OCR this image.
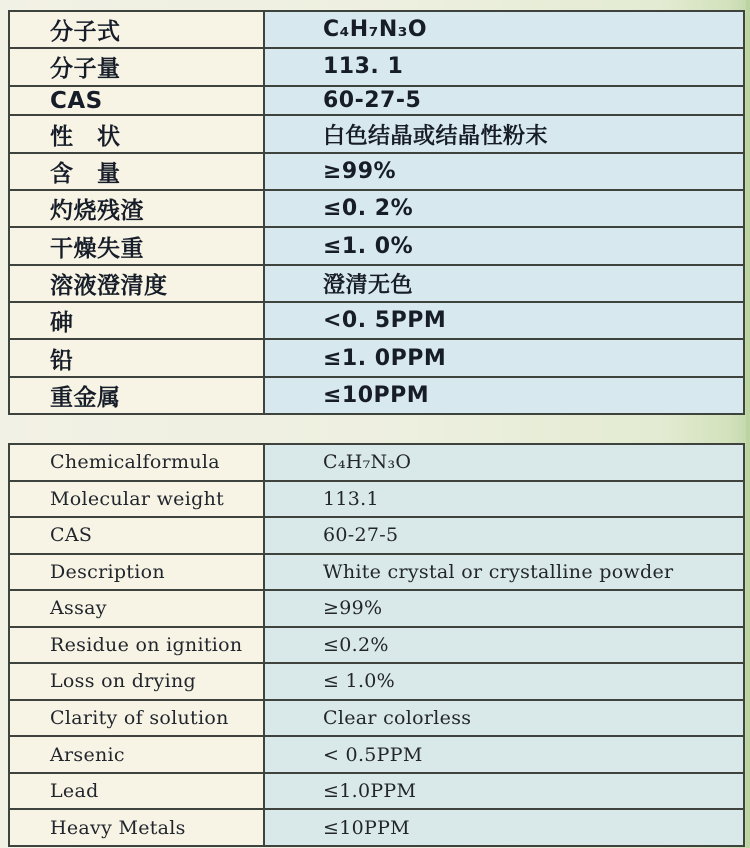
分子式	C₄H₇N₃O
分子量	113. 1
CAS	60-27-5
性　状	白色结晶或结晶性粉末
含　量	≥99%
灼烧残渣	≤0. 2%
干燥失重	≤1. 0%
溶液澄清度	澄清无色
砷	<0. 5PPM
铅	≤1. 0PPM
重金属	≤10PPM
Chemicalformula	C₄H₇N₃O
Molecular weight	113.1
CAS	60-27-5
Description	White crystal or crystalline powder
Assay	≥99%
Residue on ignition	≤0.2%
Loss on drying	≤ 1.0%
Clarity of solution	Clear colorless
Arsenic	< 0.5PPM
Lead	≤1.0PPM
Heavy Metals	≤10PPM
